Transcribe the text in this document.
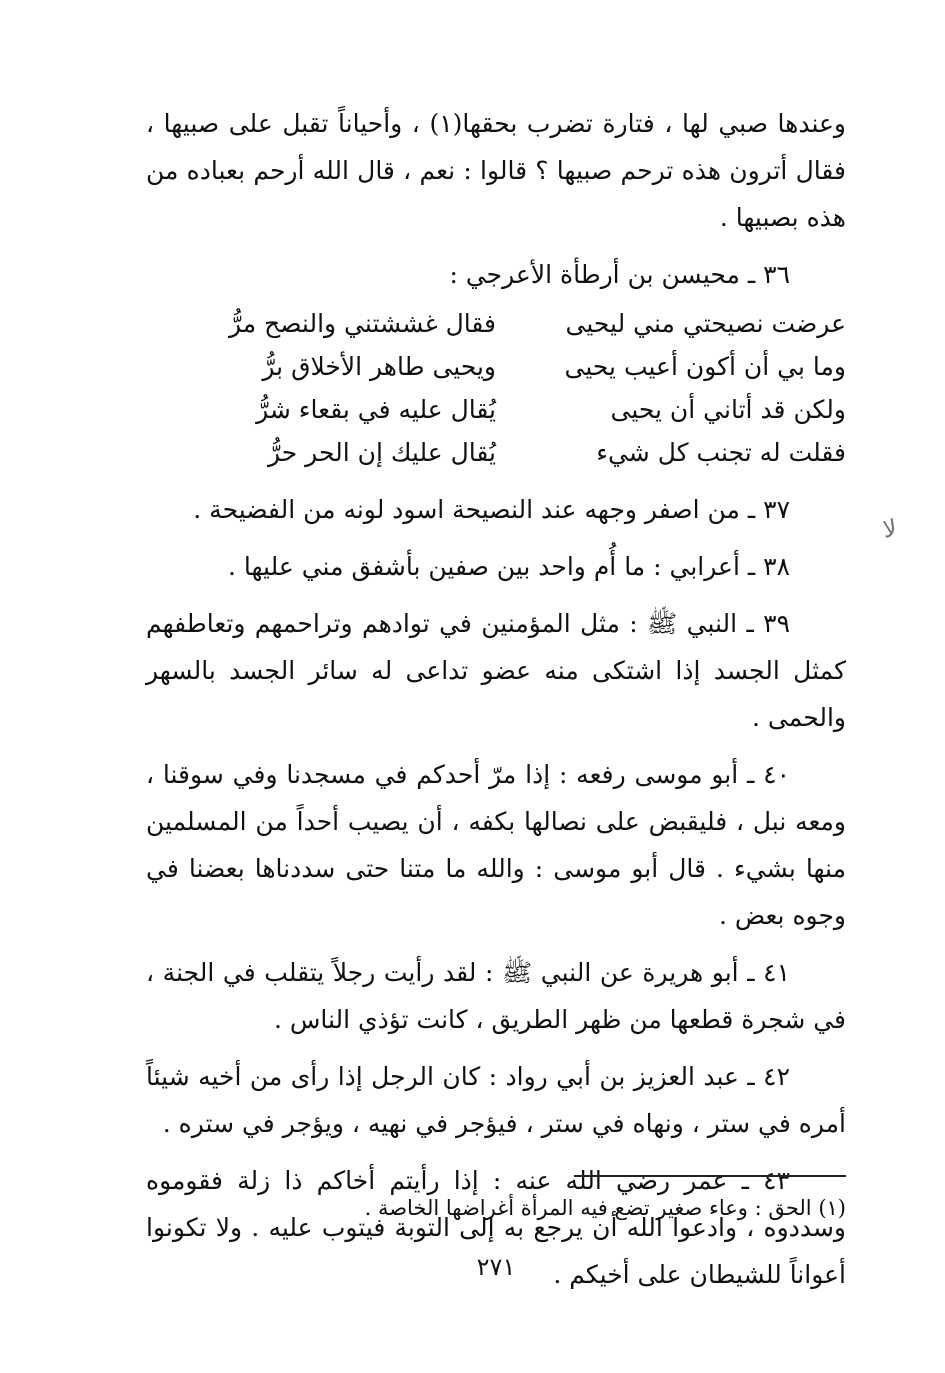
وعندها صبي لها ، فتارة تضرب بحقها(١) ، وأحياناً تقبل على صبيها ، فقال أترون هذه ترحم صبيها ؟ قالوا : نعم ، قال الله أرحم بعباده من هذه بصبيها .

٣٦ ـ محيسن بن أرطأة الأعرجي :

عرضت نصيحتي مني ليحيى
فقال غششتني والنصح مرُّ
وما بي أن أكون أعيب يحيى
ويحيى طاهر الأخلاق برُّ
ولكن قد أتاني أن يحيى
يُقال عليه في بقعاء شرُّ
فقلت له تجنب كل شيء
يُقال عليك إن الحر حرُّ

٣٧ ـ من اصفر وجهه عند النصيحة اسود لونه من الفضيحة .

٣٨ ـ أعرابي : ما أُم واحد بين صفين بأشفق مني عليها .

٣٩ ـ النبي ﷺ : مثل المؤمنين في توادهم وتراحمهم وتعاطفهم كمثل الجسد إذا اشتكى منه عضو تداعى له سائر الجسد بالسهر والحمى .

٤٠ ـ أبو موسى رفعه : إذا مرّ أحدكم في مسجدنا وفي سوقنا ، ومعه نبل ، فليقبض على نصالها بكفه ، أن يصيب أحداً من المسلمين منها بشيء . قال أبو موسى : والله ما متنا حتى سددناها بعضنا في وجوه بعض .

٤١ ـ أبو هريرة عن النبي ﷺ : لقد رأيت رجلاً يتقلب في الجنة ، في شجرة قطعها من ظهر الطريق ، كانت تؤذي الناس .

٤٢ ـ عبد العزيز بن أبي رواد : كان الرجل إذا رأى من أخيه شيئاً أمره في ستر ، ونهاه في ستر ، فيؤجر في نهيه ، ويؤجر في ستره .

٤٣ ـ عمر رضي الله عنه : إذا رأيتم أخاكم ذا زلة فقوموه وسددوه ، وادعوا الله أن يرجع به إلى التوبة فيتوب عليه . ولا تكونوا أعواناً للشيطان على أخيكم .

(١) الحق : وعاء صغير تضع فيه المرأة أغراضها الخاصة .
٢٧١
ﻻ
